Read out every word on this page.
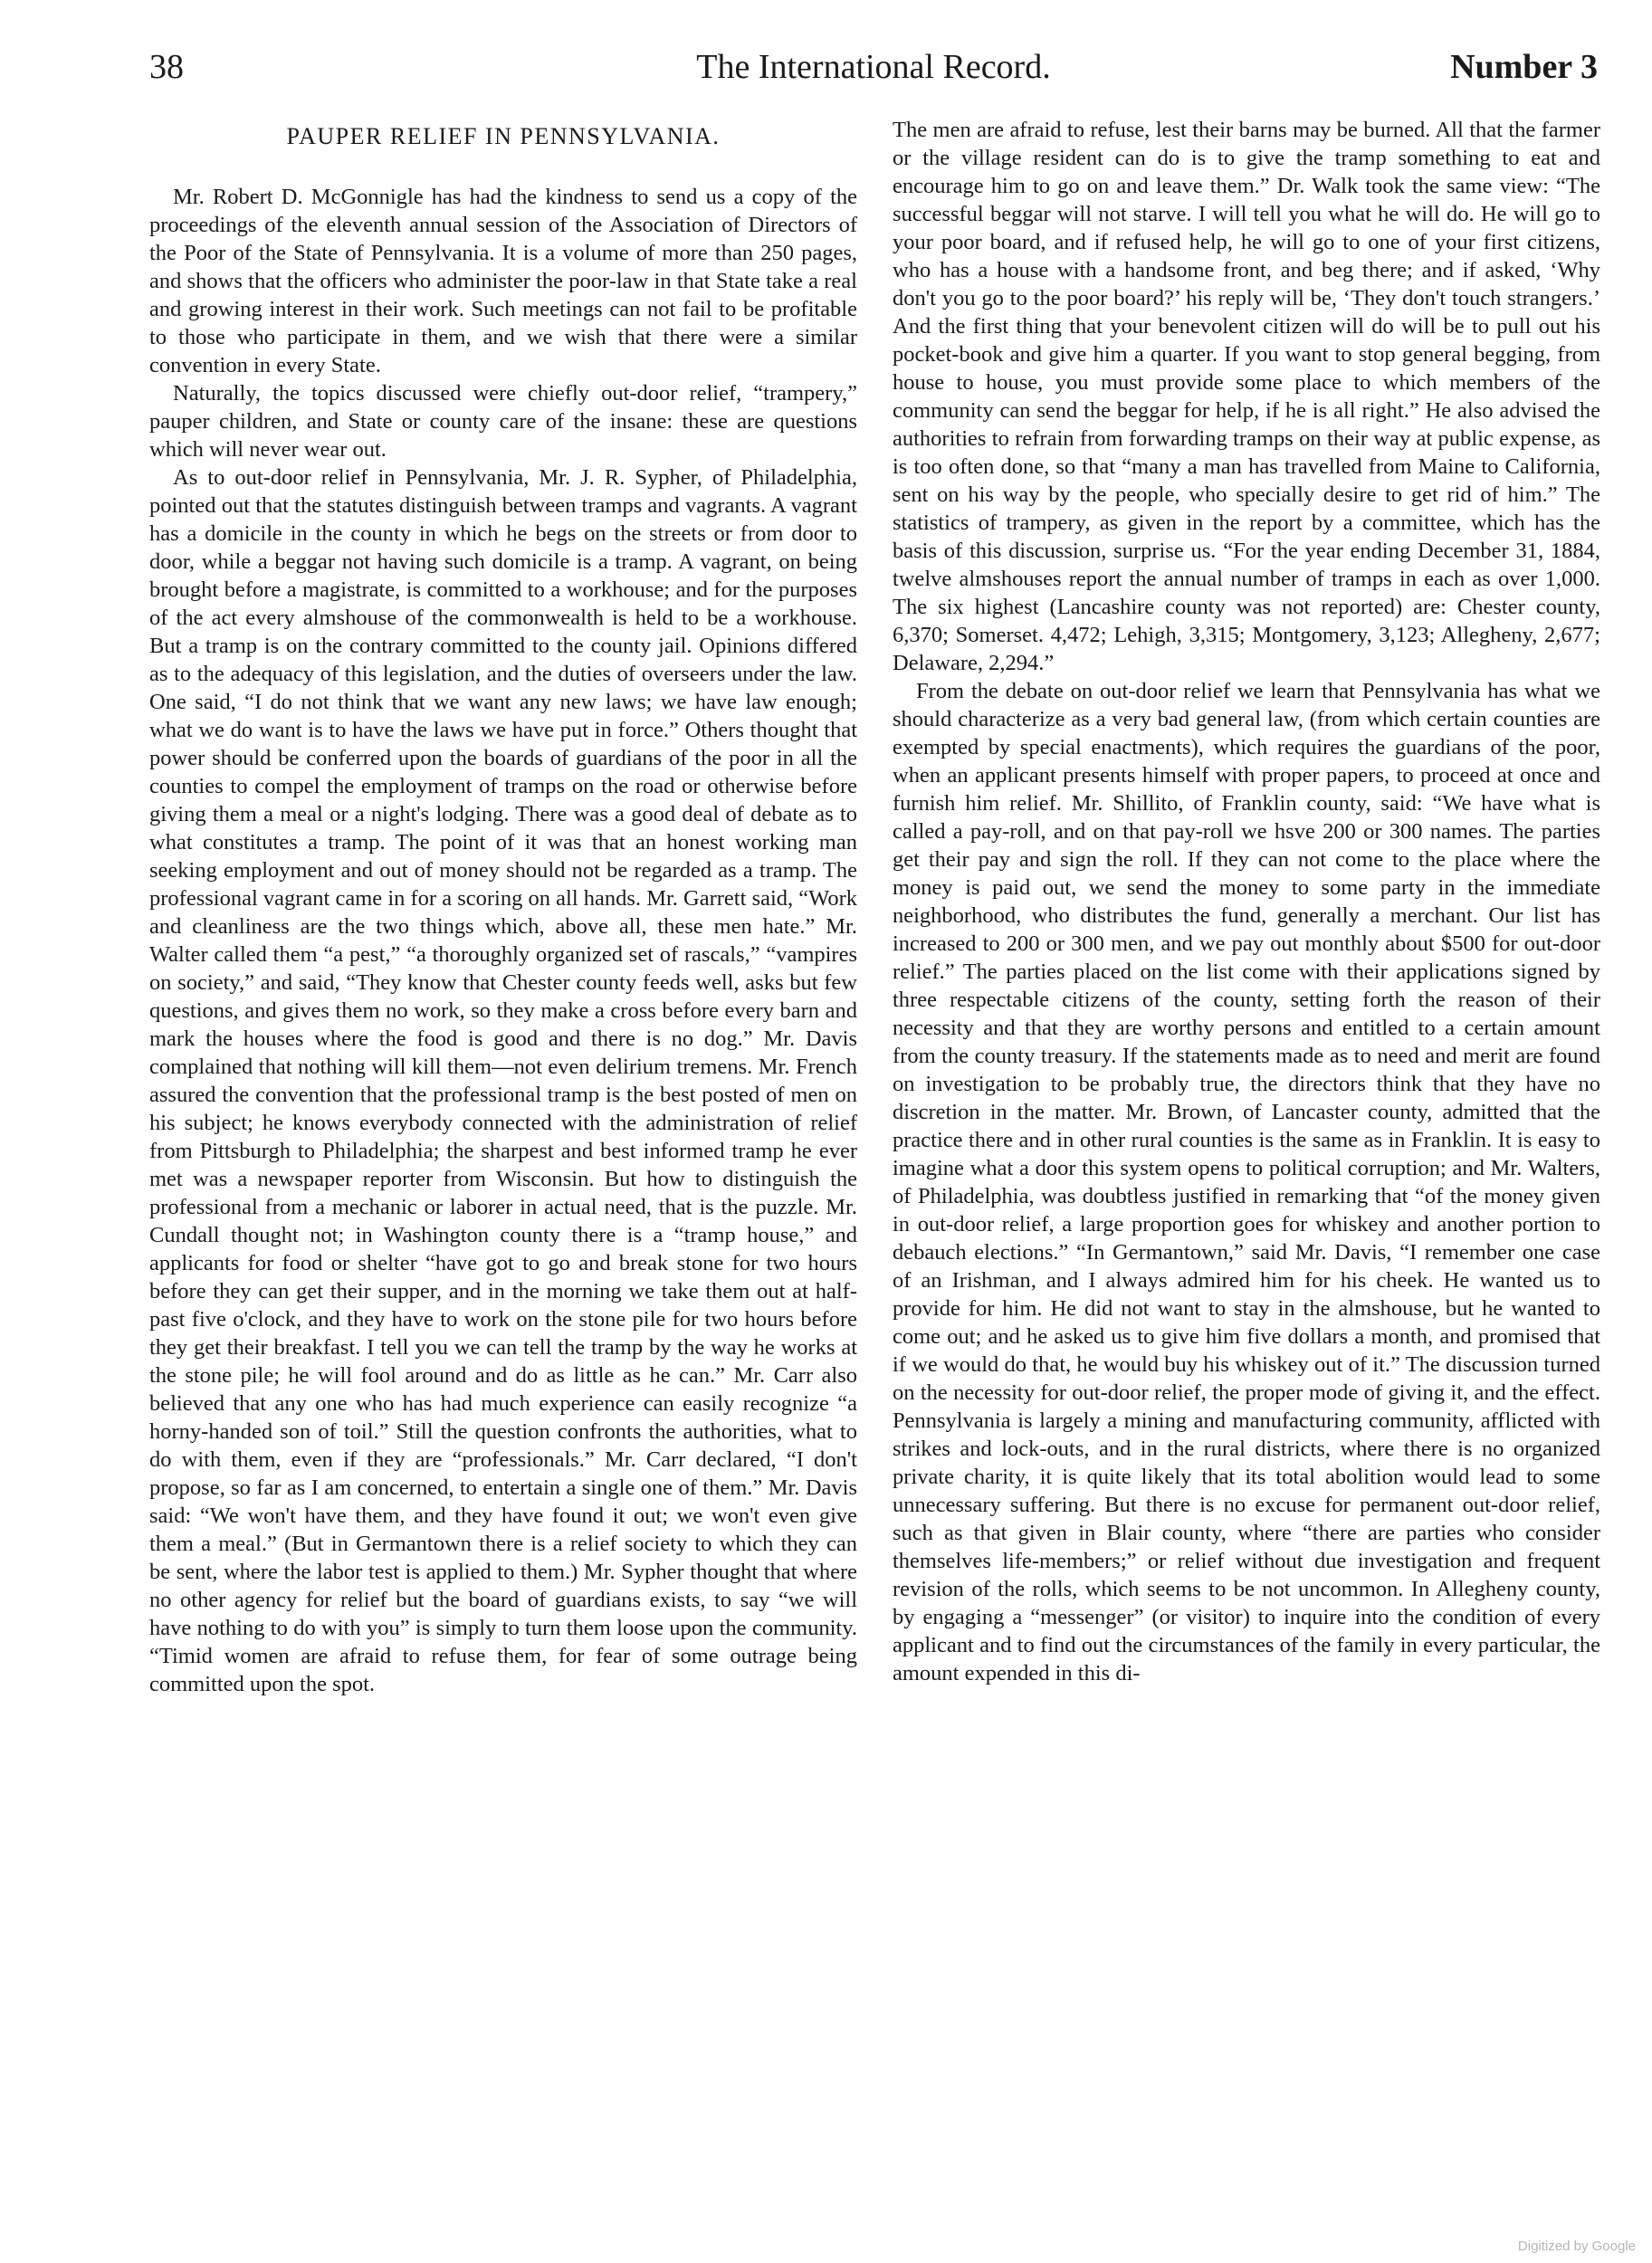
38	The International Record.	Number 3
PAUPER RELIEF IN PENNSYLVANIA.

Mr. Robert D. McGonnigle has had the kindness to send us a copy of the proceedings of the eleventh annual session of the Association of Directors of the Poor of the State of Pennsylvania. It is a volume of more than 250 pages, and shows that the officers who administer the poor-law in that State take a real and growing interest in their work. Such meetings can not fail to be profitable to those who participate in them, and we wish that there were a similar convention in every State.

Naturally, the topics discussed were chiefly out-door relief, “trampery,” pauper children, and State or county care of the insane: these are questions which will never wear out.

As to out-door relief in Pennsylvania, Mr. J. R. Sypher, of Philadelphia, pointed out that the statutes distinguish between tramps and vagrants. A vagrant has a domicile in the county in which he begs on the streets or from door to door, while a beggar not having such domicile is a tramp. A vagrant, on being brought before a magistrate, is committed to a workhouse; and for the purposes of the act every almshouse of the commonwealth is held to be a workhouse. But a tramp is on the contrary committed to the county jail. Opinions differed as to the adequacy of this legislation, and the duties of overseers under the law. One said, “I do not think that we want any new laws; we have law enough; what we do want is to have the laws we have put in force.” Others thought that power should be conferred upon the boards of guardians of the poor in all the counties to compel the employment of tramps on the road or otherwise before giving them a meal or a night's lodging. There was a good deal of debate as to what constitutes a tramp. The point of it was that an honest working man seeking employment and out of money should not be regarded as a tramp. The professional vagrant came in for a scoring on all hands. Mr. Garrett said, “Work and cleanliness are the two things which, above all, these men hate.” Mr. Walter called them “a pest,” “a thoroughly organized set of rascals,” “vampires on society,” and said, “They know that Chester county feeds well, asks but few questions, and gives them no work, so they make a cross before every barn and mark the houses where the food is good and there is no dog.” Mr. Davis complained that nothing will kill them—not even delirium tremens. Mr. French assured the convention that the professional tramp is the best posted of men on his subject; he knows everybody connected with the administration of relief from Pittsburgh to Philadelphia; the sharpest and best informed tramp he ever met was a newspaper reporter from Wisconsin. But how to distinguish the professional from a mechanic or laborer in actual need, that is the puzzle. Mr. Cundall thought not; in Washington county there is a “tramp house,” and applicants for food or shelter “have got to go and break stone for two hours before they can get their supper, and in the morning we take them out at half-past five o'clock, and they have to work on the stone pile for two hours before they get their breakfast. I tell you we can tell the tramp by the way he works at the stone pile; he will fool around and do as little as he can.” Mr. Carr also believed that any one who has had much experience can easily recognize “a horny-handed son of toil.” Still the question confronts the authorities, what to do with them, even if they are “professionals.” Mr. Carr declared, “I don't propose, so far as I am concerned, to entertain a single one of them.” Mr. Davis said: “We won't have them, and they have found it out; we won't even give them a meal.” (But in Germantown there is a relief society to which they can be sent, where the labor test is applied to them.) Mr. Sypher thought that where no other agency for relief but the board of guardians exists, to say “we will have nothing to do with you” is simply to turn them loose upon the community. “Timid women are afraid to refuse them, for fear of some outrage being committed upon the spot.

The men are afraid to refuse, lest their barns may be burned. All that the farmer or the village resident can do is to give the tramp something to eat and encourage him to go on and leave them.” Dr. Walk took the same view: “The successful beggar will not starve. I will tell you what he will do. He will go to your poor board, and if refused help, he will go to one of your first citizens, who has a house with a handsome front, and beg there; and if asked, ‘Why don't you go to the poor board?’ his reply will be, ‘They don't touch strangers.’ And the first thing that your benevolent citizen will do will be to pull out his pocket-book and give him a quarter. If you want to stop general begging, from house to house, you must provide some place to which members of the community can send the beggar for help, if he is all right.” He also advised the authorities to refrain from forwarding tramps on their way at public expense, as is too often done, so that “many a man has travelled from Maine to California, sent on his way by the people, who specially desire to get rid of him.” The statistics of trampery, as given in the report by a committee, which has the basis of this discussion, surprise us. “For the year ending December 31, 1884, twelve almshouses report the annual number of tramps in each as over 1,000. The six highest (Lancashire county was not reported) are: Chester county, 6,370; Somerset. 4,472; Lehigh, 3,315; Montgomery, 3,123; Allegheny, 2,677; Delaware, 2,294.”

From the debate on out-door relief we learn that Pennsylvania has what we should characterize as a very bad general law, (from which certain counties are exempted by special enactments), which requires the guardians of the poor, when an applicant presents himself with proper papers, to proceed at once and furnish him relief. Mr. Shillito, of Franklin county, said: “We have what is called a pay-roll, and on that pay-roll we hsve 200 or 300 names. The parties get their pay and sign the roll. If they can not come to the place where the money is paid out, we send the money to some party in the immediate neighborhood, who distributes the fund, generally a merchant. Our list has increased to 200 or 300 men, and we pay out monthly about $500 for out-door relief.” The parties placed on the list come with their applications signed by three respectable citizens of the county, setting forth the reason of their necessity and that they are worthy persons and entitled to a certain amount from the county treasury. If the statements made as to need and merit are found on investigation to be probably true, the directors think that they have no discretion in the matter. Mr. Brown, of Lancaster county, admitted that the practice there and in other rural counties is the same as in Franklin. It is easy to imagine what a door this system opens to political corruption; and Mr. Walters, of Philadelphia, was doubtless justified in remarking that “of the money given in out-door relief, a large proportion goes for whiskey and another portion to debauch elections.” “In Germantown,” said Mr. Davis, “I remember one case of an Irishman, and I always admired him for his cheek. He wanted us to provide for him. He did not want to stay in the almshouse, but he wanted to come out; and he asked us to give him five dollars a month, and promised that if we would do that, he would buy his whiskey out of it.” The discussion turned on the necessity for out-door relief, the proper mode of giving it, and the effect. Pennsylvania is largely a mining and manufacturing community, afflicted with strikes and lock-outs, and in the rural districts, where there is no organized private charity, it is quite likely that its total abolition would lead to some unnecessary suffering. But there is no excuse for permanent out-door relief, such as that given in Blair county, where “there are parties who consider themselves life-members;” or relief without due investigation and frequent revision of the rolls, which seems to be not uncommon. In Allegheny county, by engaging a “messenger” (or visitor) to inquire into the condition of every applicant and to find out the circumstances of the family in every particular, the amount expended in this di-

Digitized by Google
